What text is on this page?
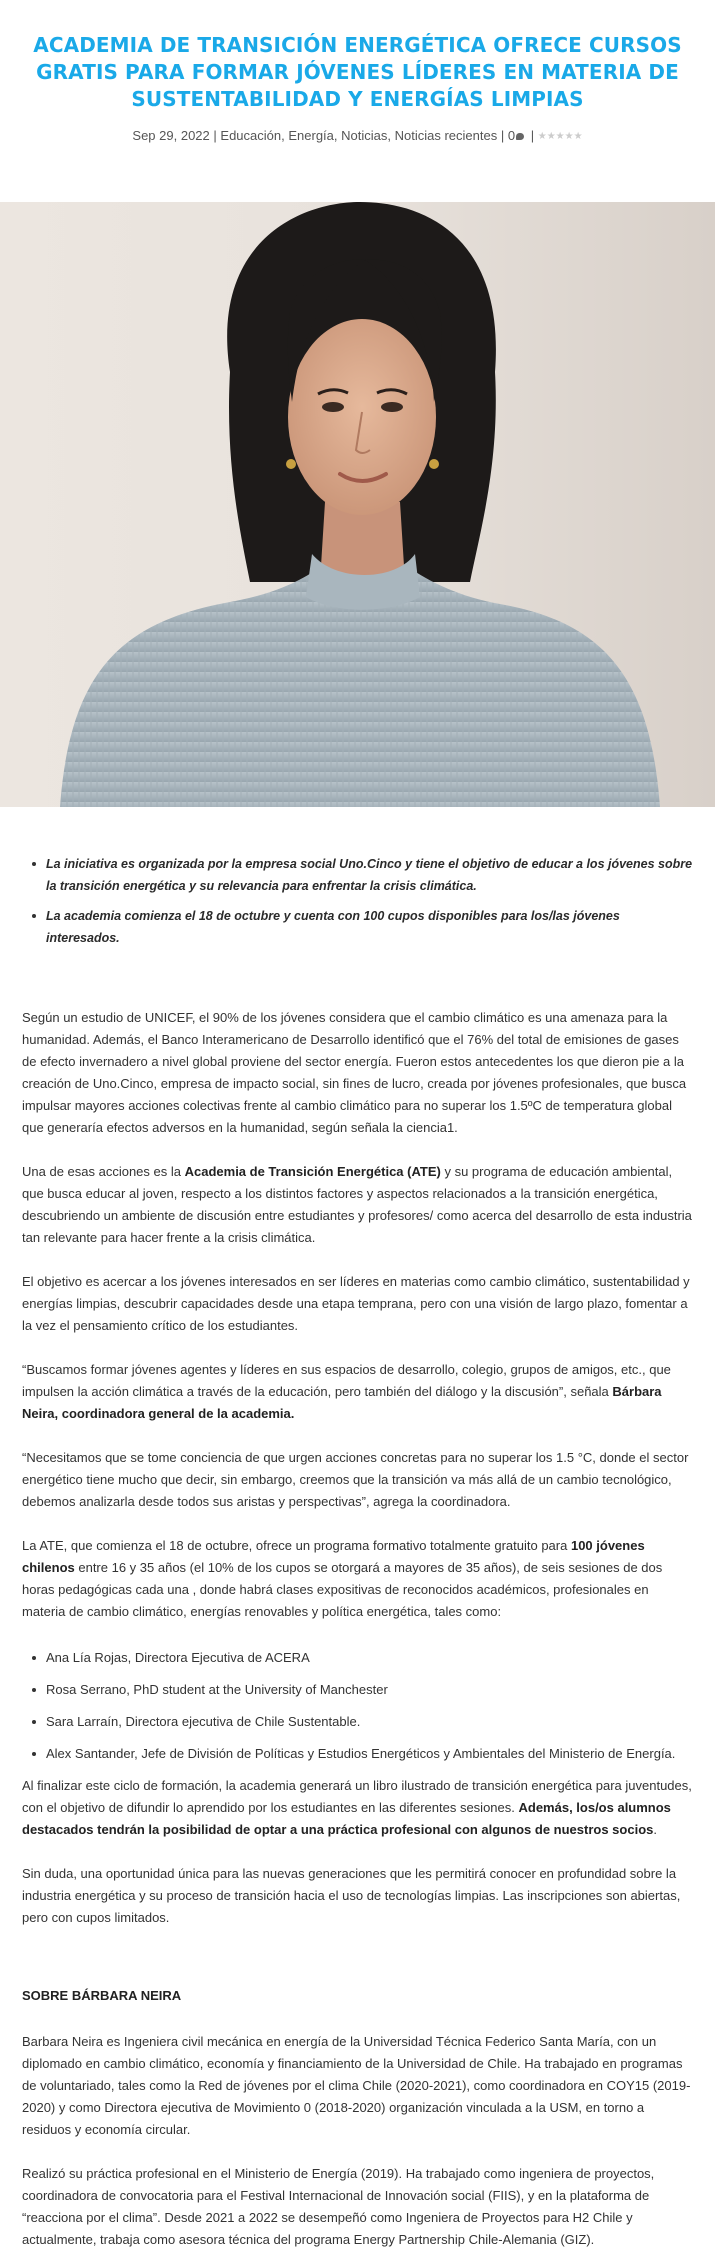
ACADEMIA DE TRANSICIÓN ENERGÉTICA OFRECE CURSOS GRATIS PARA FORMAR JÓVENES LÍDERES EN MATERIA DE SUSTENTABILIDAD Y ENERGÍAS LIMPIAS
Sep 29, 2022 | Educación, Energía, Noticias, Noticias recientes | 0 | ★★★★★
La iniciativa es organizada por la empresa social Uno.Cinco y tiene el objetivo de educar a los jóvenes sobre la transición energética y su relevancia para enfrentar la crisis climática.
La academia comienza el 18 de octubre y cuenta con 100 cupos disponibles para los/las jóvenes interesados.

Según un estudio de UNICEF, el 90% de los jóvenes considera que el cambio climático es una amenaza para la humanidad. Además, el Banco Interamericano de Desarrollo identificó que el 76% del total de emisiones de gases de efecto invernadero a nivel global proviene del sector energía. Fueron estos antecedentes los que dieron pie a la creación de Uno.Cinco, empresa de impacto social, sin fines de lucro, creada por jóvenes profesionales, que busca impulsar mayores acciones colectivas frente al cambio climático para no superar los 1.5ºC de temperatura global que generaría efectos adversos en la humanidad, según señala la ciencia1.

Una de esas acciones es la Academia de Transición Energética (ATE) y su programa de educación ambiental, que busca educar al joven, respecto a los distintos factores y aspectos relacionados a la transición energética, descubriendo un ambiente de discusión entre estudiantes y profesores/ como acerca del desarrollo de esta industria tan relevante para hacer frente a la crisis climática.

El objetivo es acercar a los jóvenes interesados en ser líderes en materias como cambio climático, sustentabilidad y energías limpias, descubrir capacidades desde una etapa temprana, pero con una visión de largo plazo, fomentar a la vez el pensamiento crítico de los estudiantes.

“Buscamos formar jóvenes agentes y líderes en sus espacios de desarrollo, colegio, grupos de amigos, etc., que impulsen la acción climática a través de la educación, pero también del diálogo y la discusión”, señala Bárbara Neira, coordinadora general de la academia.

“Necesitamos que se tome conciencia de que urgen acciones concretas para no superar los 1.5 °C, donde el sector energético tiene mucho que decir, sin embargo, creemos que la transición va más allá de un cambio tecnológico, debemos analizarla desde todos sus aristas y perspectivas”, agrega la coordinadora.

La ATE, que comienza el 18 de octubre, ofrece un programa formativo totalmente gratuito para 100 jóvenes chilenos entre 16 y 35 años (el 10% de los cupos se otorgará a mayores de 35 años), de seis sesiones de dos horas pedagógicas cada una , donde habrá clases expositivas de reconocidos académicos, profesionales en materia de cambio climático, energías renovables y política energética, tales como:

Ana Lía Rojas, Directora Ejecutiva de ACERA
Rosa Serrano, PhD student at the University of Manchester
Sara Larraín, Directora ejecutiva de Chile Sustentable.
Alex Santander, Jefe de División de Políticas y Estudios Energéticos y Ambientales del Ministerio de Energía.

Al finalizar este ciclo de formación, la academia generará un libro ilustrado de transición energética para juventudes, con el objetivo de difundir lo aprendido por los estudiantes en las diferentes sesiones. Además, los/os alumnos destacados tendrán la posibilidad de optar a una práctica profesional con algunos de nuestros socios.

Sin duda, una oportunidad única para las nuevas generaciones que les permitirá conocer en profundidad sobre la industria energética y su proceso de transición hacia el uso de tecnologías limpias. Las inscripciones son abiertas, pero con cupos limitados.

SOBRE BÁRBARA NEIRA

Barbara Neira es Ingeniera civil mecánica en energía de la Universidad Técnica Federico Santa María, con un diplomado en cambio climático, economía y financiamiento de la Universidad de Chile. Ha trabajado en programas de voluntariado, tales como la Red de jóvenes por el clima Chile (2020-2021), como coordinadora en COY15 (2019-2020) y como Directora ejecutiva de Movimiento 0 (2018-2020) organización vinculada a la USM, en torno a residuos y economía circular.

Realizó su práctica profesional en el Ministerio de Energía (2019). Ha trabajado como ingeniera de proyectos, coordinadora de convocatoria para el Festival Internacional de Innovación social (FIIS), y en la plataforma de “reacciona por el clima”. Desde 2021 a 2022 se desempeñó como Ingeniera de Proyectos para H2 Chile y actualmente, trabaja como asesora técnica del programa Energy Partnership Chile-Alemania (GIZ).
